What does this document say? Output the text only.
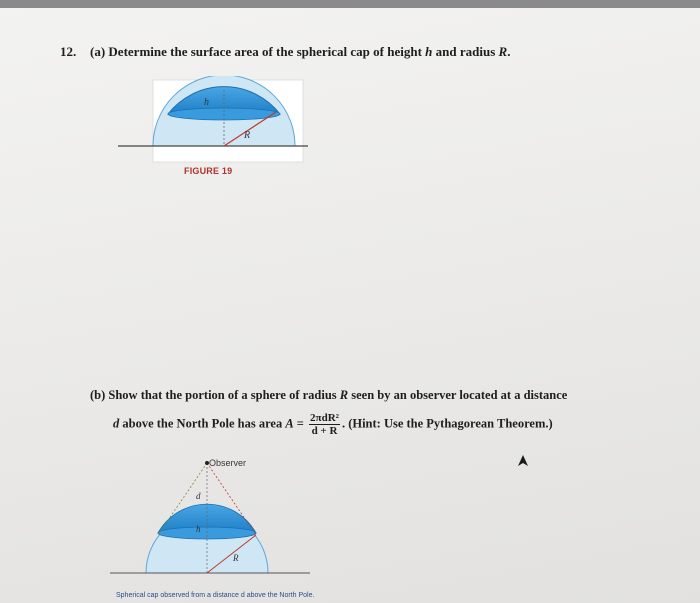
12. (a) Determine the surface area of the spherical cap of height h and radius R.
h
R
FIGURE 19
(b) Show that the portion of a sphere of radius R seen by an observer located at a distance
d above the North Pole has area $A = \frac{\text{2πdR²}}{d + R}$ . (Hint: Use the Pythagorean Theorem.)
Observer
d
h
R
Spherical cap observed from a distance d above the North Pole.
